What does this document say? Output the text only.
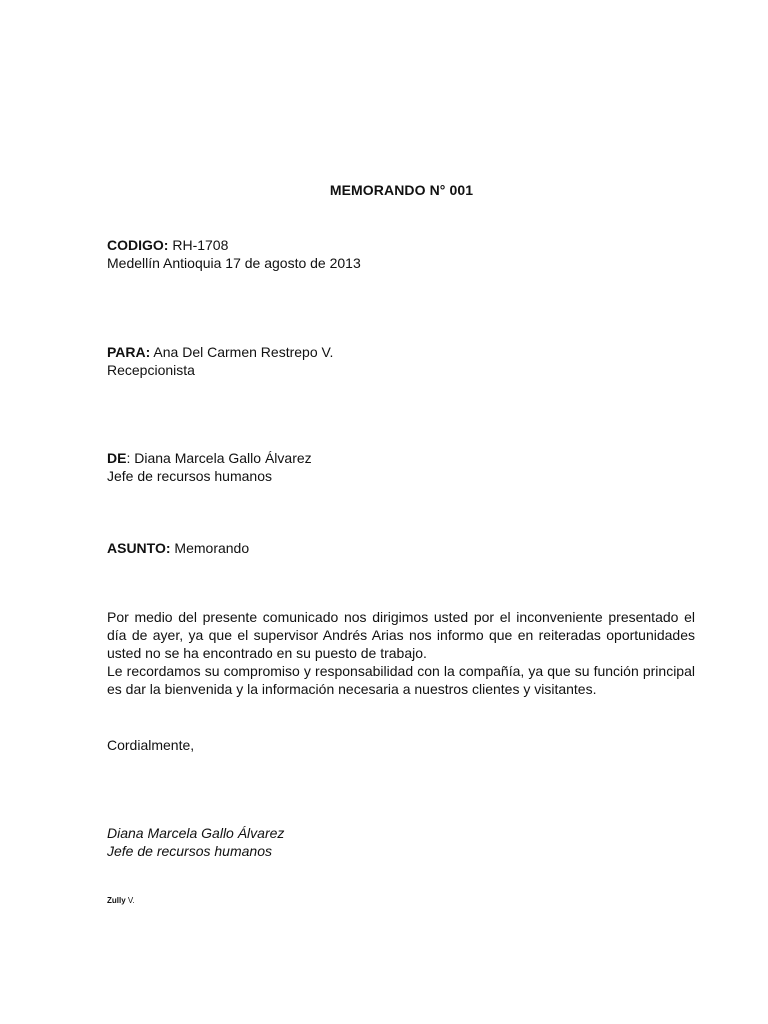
MEMORANDO N° 001
CODIGO: RH-1708
Medellín Antioquia 17 de agosto de 2013
PARA: Ana Del Carmen Restrepo V.
Recepcionista
DE: Diana Marcela Gallo Álvarez
Jefe de recursos humanos
ASUNTO: Memorando

Por medio del presente comunicado nos dirigimos usted por el inconveniente presentado el día de ayer, ya que el supervisor Andrés Arias nos informo que en reiteradas oportunidades usted no se ha encontrado en su puesto de trabajo.

Le recordamos su compromiso y responsabilidad con la compañía, ya que su función principal es dar la bienvenida y la información necesaria a nuestros clientes y visitantes.

Cordialmente,
Diana Marcela Gallo Álvarez
Jefe de recursos humanos
Zully V.
